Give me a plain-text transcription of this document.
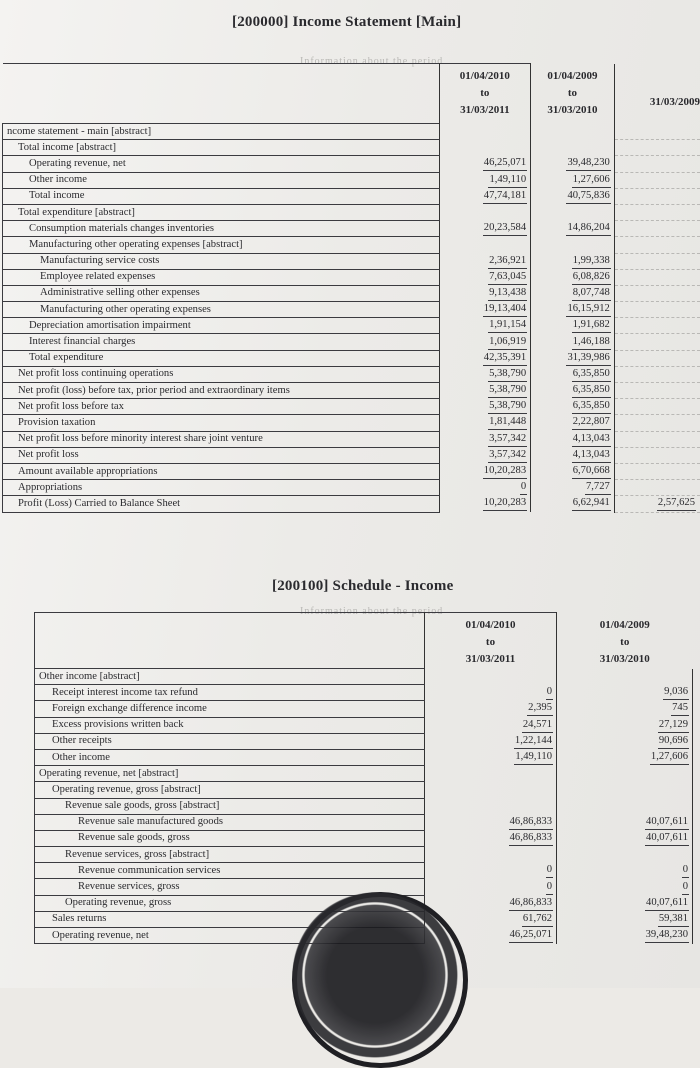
[200000] Income Statement [Main]
Information about the period

	01/04/2010
to
31/03/2011	01/04/2009
to
31/03/2010	31/03/2009
ncome statement - main [abstract]			
Total income [abstract]			
Operating revenue, net	46,25,071	39,48,230	
Other income	1,49,110	1,27,606	
Total income	47,74,181	40,75,836	
Total expenditure [abstract]			
Consumption materials changes inventories	20,23,584	14,86,204	
Manufacturing other operating expenses [abstract]			
Manufacturing service costs	2,36,921	1,99,338	
Employee related expenses	7,63,045	6,08,826	
Administrative selling other expenses	9,13,438	8,07,748	
Manufacturing other operating expenses	19,13,404	16,15,912	
Depreciation amortisation impairment	1,91,154	1,91,682	
Interest financial charges	1,06,919	1,46,188	
Total expenditure	42,35,391	31,39,986	
Net profit loss continuing operations	5,38,790	6,35,850	
Net profit (loss) before tax, prior period and extraordinary items	5,38,790	6,35,850	
Net profit loss before tax	5,38,790	6,35,850	
Provision taxation	1,81,448	2,22,807	
Net profit loss before minority interest share joint venture	3,57,342	4,13,043	
Net profit loss	3,57,342	4,13,043	
Amount available appropriations	10,20,283	6,70,668	
Appropriations	0	7,727	
Profit (Loss) Carried to Balance Sheet	10,20,283	6,62,941	2,57,625
[200100] Schedule - Income
Information about the period

	01/04/2010
to
31/03/2011	01/04/2009
to
31/03/2010

Other income [abstract]		
Receipt interest income tax refund	0	9,036
Foreign exchange difference income	2,395	745
Excess provisions written back	24,571	27,129
Other receipts	1,22,144	90,696
Other income	1,49,110	1,27,606
Operating revenue, net [abstract]		
Operating revenue, gross [abstract]		
Revenue sale goods, gross [abstract]		
Revenue sale manufactured goods	46,86,833	40,07,611
Revenue sale goods, gross	46,86,833	40,07,611
Revenue services, gross [abstract]		
Revenue communication services	0	0
Revenue services, gross	0	0
Operating revenue, gross	46,86,833	40,07,611
Sales returns	61,762	59,381
Operating revenue, net	46,25,071	39,48,230
